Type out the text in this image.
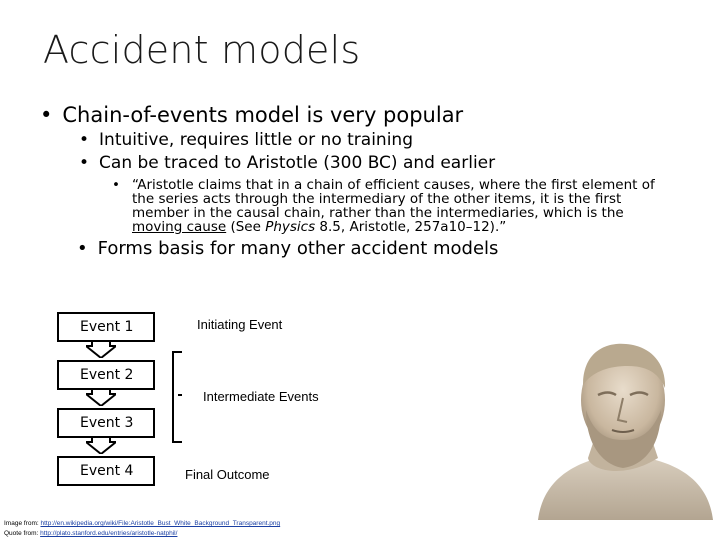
Accident models
• Chain-of-events model is very popular
• Intuitive, requires little or no training
• Can be traced to Aristotle (300 BC) and earlier
• “Aristotle claims that in a chain of efficient causes, where the first element of the series acts through the intermediary of the other items, it is the first member in the causal chain, rather than the intermediaries, which is the moving cause (See Physics 8.5, Aristotle, 257a10–12).”
• Forms basis for many other accident models
Event 1
Event 2
Event 3
Event 4
Initiating Event
Intermediate Events
Final Outcome
Image from: http://en.wikipedia.org/wiki/File:Aristotle_Bust_White_Background_Transparent.png
Quote from: http://plato.stanford.edu/entries/aristotle-natphil/
